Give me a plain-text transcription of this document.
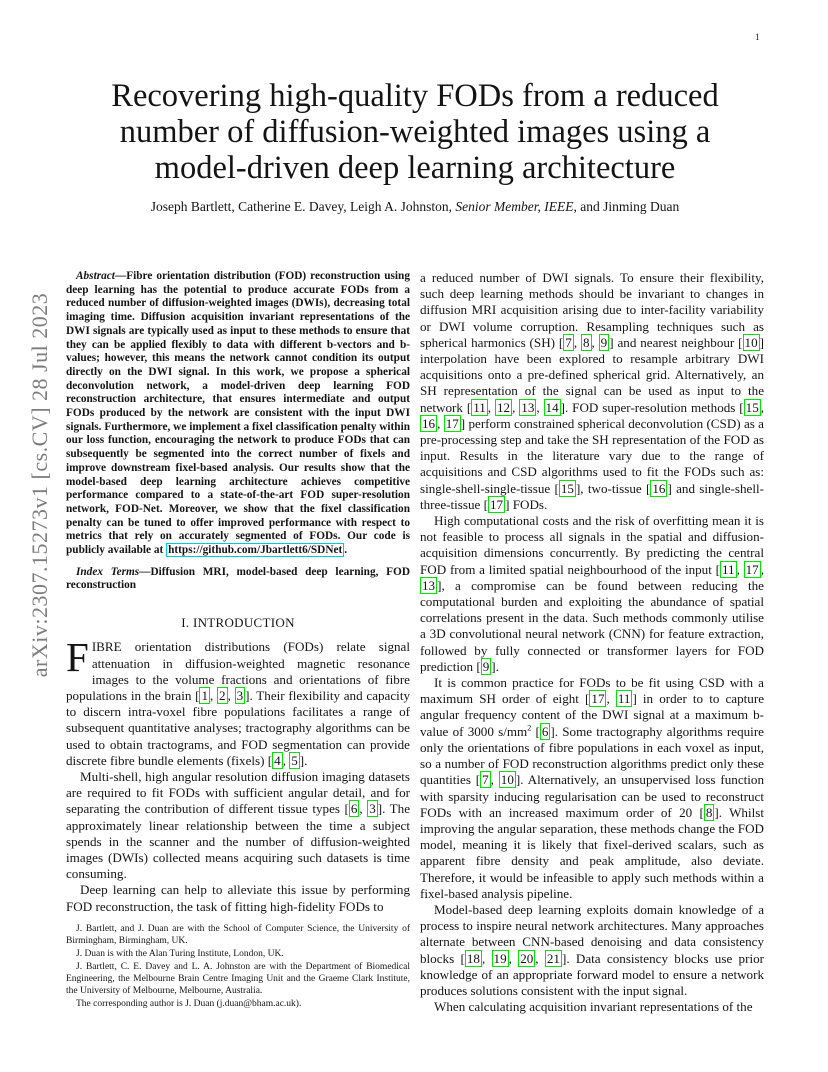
1
arXiv:2307.15273v1 [cs.CV] 28 Jul 2023
Recovering high-quality FODs from a reduced number of diffusion-weighted images using a model-driven deep learning architecture
Joseph Bartlett, Catherine E. Davey, Leigh A. Johnston, Senior Member, IEEE, and Jinming Duan

Abstract—Fibre orientation distribution (FOD) reconstruction using deep learning has the potential to produce accurate FODs from a reduced number of diffusion-weighted images (DWIs), decreasing total imaging time. Diffusion acquisition invariant representations of the DWI signals are typically used as input to these methods to ensure that they can be applied flexibly to data with different b-vectors and b-values; however, this means the network cannot condition its output directly on the DWI signal. In this work, we propose a spherical deconvolution network, a model-driven deep learning FOD reconstruction architecture, that ensures intermediate and output FODs produced by the network are consistent with the input DWI signals. Furthermore, we implement a fixel classification penalty within our loss function, encouraging the network to produce FODs that can subsequently be segmented into the correct number of fixels and improve downstream fixel-based analysis. Our results show that the model-based deep learning architecture achieves competitive performance compared to a state-of-the-art FOD super-resolution network, FOD-Net. Moreover, we show that the fixel classification penalty can be tuned to offer improved performance with respect to metrics that rely on accurately segmented of FODs. Our code is publicly available at https://github.com/Jbartlett6/SDNet .

Index Terms—Diffusion MRI, model-based deep learning, FOD reconstruction

I. INTRODUCTION

FIBRE orientation distributions (FODs) relate signal attenuation in diffusion-weighted magnetic resonance images to the volume fractions and orientations of fibre populations in the brain [ 1 , 2 , 3 ]. Their flexibility and capacity to discern intra-voxel fibre populations facilitates a range of subsequent quantitative analyses; tractography algorithms can be used to obtain tractograms, and FOD segmentation can provide discrete fibre bundle elements (fixels) [ 4 , 5 ].

Multi-shell, high angular resolution diffusion imaging datasets are required to fit FODs with sufficient angular detail, and for separating the contribution of different tissue types [ 6 , 3 ]. The approximately linear relationship between the time a subject spends in the scanner and the number of diffusion-weighted images (DWIs) collected means acquiring such datasets is time consuming.

Deep learning can help to alleviate this issue by performing FOD reconstruction, the task of fitting high-fidelity FODs to

J. Bartlett, and J. Duan are with the School of Computer Science, the University of Birmingham, Birmingham, UK.

J. Duan is with the Alan Turing Institute, London, UK.

J. Bartlett, C. E. Davey and L. A. Johnston are with the Department of Biomedical Engineering, the Melbourne Brain Centre Imaging Unit and the Graeme Clark Institute, the University of Melbourne, Melbourne, Australia.

The corresponding author is J. Duan (j.duan@bham.ac.uk).

a reduced number of DWI signals. To ensure their flexibility, such deep learning methods should be invariant to changes in diffusion MRI acquisition arising due to inter-facility variability or DWI volume corruption. Resampling techniques such as spherical harmonics (SH) [ 7 , 8 , 9 ] and nearest neighbour [ 10 ] interpolation have been explored to resample arbitrary DWI acquisitions onto a pre-defined spherical grid. Alternatively, an SH representation of the signal can be used as input to the network [ 11 , 12 , 13 , 14 ]. FOD super-resolution methods [ 15 , 16 , 17 ] perform constrained spherical deconvolution (CSD) as a pre-processing step and take the SH representation of the FOD as input. Results in the literature vary due to the range of acquisitions and CSD algorithms used to fit the FODs such as: single-shell-single-tissue [ 15 ], two-tissue [ 16 ] and single-shell-three-tissue [ 17 ] FODs.

High computational costs and the risk of overfitting mean it is not feasible to process all signals in the spatial and diffusion-acquisition dimensions concurrently. By predicting the central FOD from a limited spatial neighbourhood of the input [ 11 , 17 , 13 ], a compromise can be found between reducing the computational burden and exploiting the abundance of spatial correlations present in the data. Such methods commonly utilise a 3D convolutional neural network (CNN) for feature extraction, followed by fully connected or transformer layers for FOD prediction [ 9 ].

It is common practice for FODs to be fit using CSD with a maximum SH order of eight [ 17 , 11 ] in order to to capture angular frequency content of the DWI signal at a maximum b-value of 3000 $s/mm^2$ [ 6 ]. Some tractography algorithms require only the orientations of fibre populations in each voxel as input, so a number of FOD reconstruction algorithms predict only these quantities [ 7 , 10 ]. Alternatively, an unsupervised loss function with sparsity inducing regularisation can be used to reconstruct FODs with an increased maximum order of 20 [ 8 ]. Whilst improving the angular separation, these methods change the FOD model, meaning it is likely that fixel-derived scalars, such as apparent fibre density and peak amplitude, also deviate. Therefore, it would be infeasible to apply such methods within a fixel-based analysis pipeline.

Model-based deep learning exploits domain knowledge of a process to inspire neural network architectures. Many approaches alternate between CNN-based denoising and data consistency blocks [ 18 , 19 , 20 , 21 ]. Data consistency blocks use prior knowledge of an appropriate forward model to ensure a network produces solutions consistent with the input signal.

When calculating acquisition invariant representations of the
